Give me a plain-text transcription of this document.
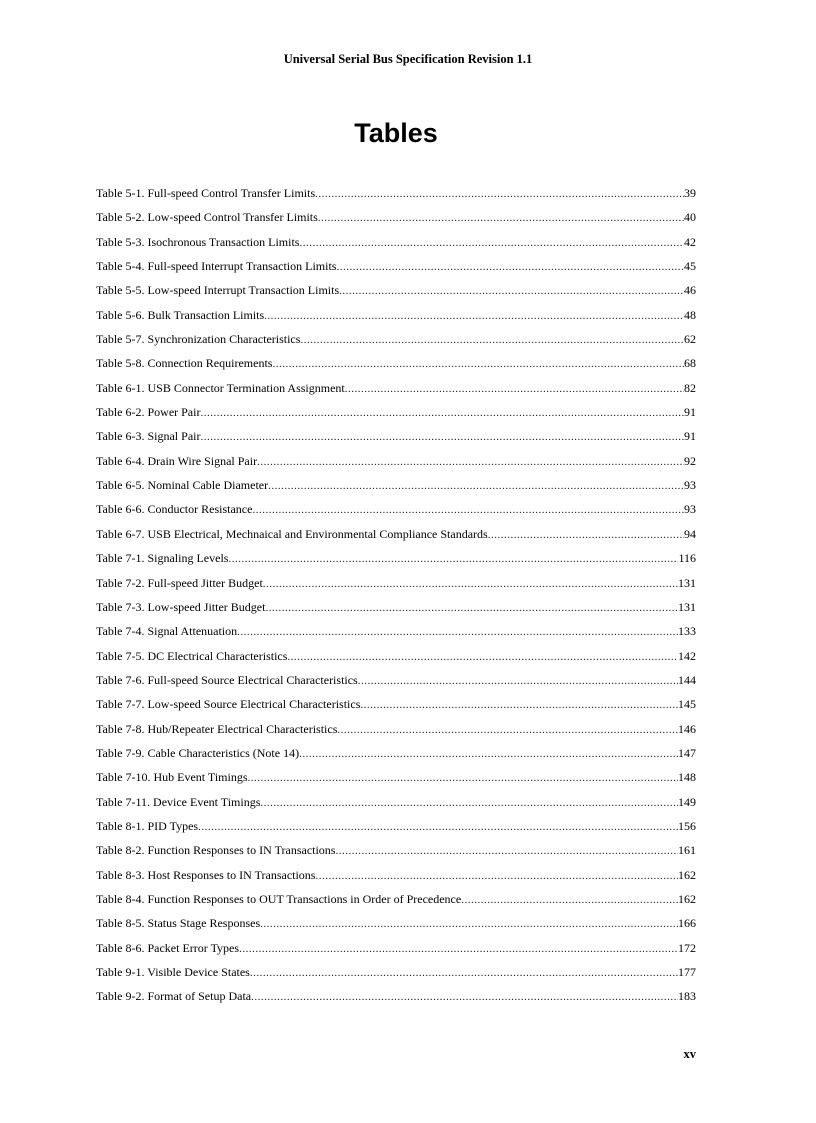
Universal Serial Bus Specification Revision 1.1
Tables
Table 5-1. Full-speed Control Transfer Limits .....	39
Table 5-2. Low-speed Control Transfer Limits .....	40
Table 5-3. Isochronous Transaction Limits .....	42
Table 5-4. Full-speed Interrupt Transaction Limits .....	45
Table 5-5. Low-speed Interrupt Transaction Limits .....	46
Table 5-6. Bulk Transaction Limits .....	48
Table 5-7. Synchronization Characteristics .....	62
Table 5-8. Connection Requirements .....	68
Table 6-1. USB Connector Termination Assignment .....	82
Table 6-2. Power Pair .....	91
Table 6-3. Signal Pair .....	91
Table 6-4. Drain Wire Signal Pair .....	92
Table 6-5. Nominal Cable Diameter .....	93
Table 6-6. Conductor Resistance .....	93
Table 6-7. USB Electrical, Mechnaical and Environmental Compliance Standards .....	94
Table 7-1. Signaling Levels .....	116
Table 7-2. Full-speed Jitter Budget .....	131
Table 7-3. Low-speed Jitter Budget .....	131
Table 7-4. Signal Attenuation .....	133
Table 7-5. DC Electrical Characteristics .....	142
Table 7-6. Full-speed Source Electrical Characteristics .....	144
Table 7-7. Low-speed Source Electrical Characteristics .....	145
Table 7-8. Hub/Repeater Electrical Characteristics .....	146
Table 7-9. Cable Characteristics (Note 14) .....	147
Table 7-10. Hub Event Timings .....	148
Table 7-11. Device Event Timings .....	149
Table 8-1. PID Types .....	156
Table 8-2. Function Responses to IN Transactions .....	161
Table 8-3. Host Responses to IN Transactions .....	162
Table 8-4. Function Responses to OUT Transactions in Order of Precedence .....	162
Table 8-5. Status Stage Responses .....	166
Table 8-6. Packet Error Types .....	172
Table 9-1. Visible Device States .....	177
Table 9-2. Format of Setup Data .....	183
xv
